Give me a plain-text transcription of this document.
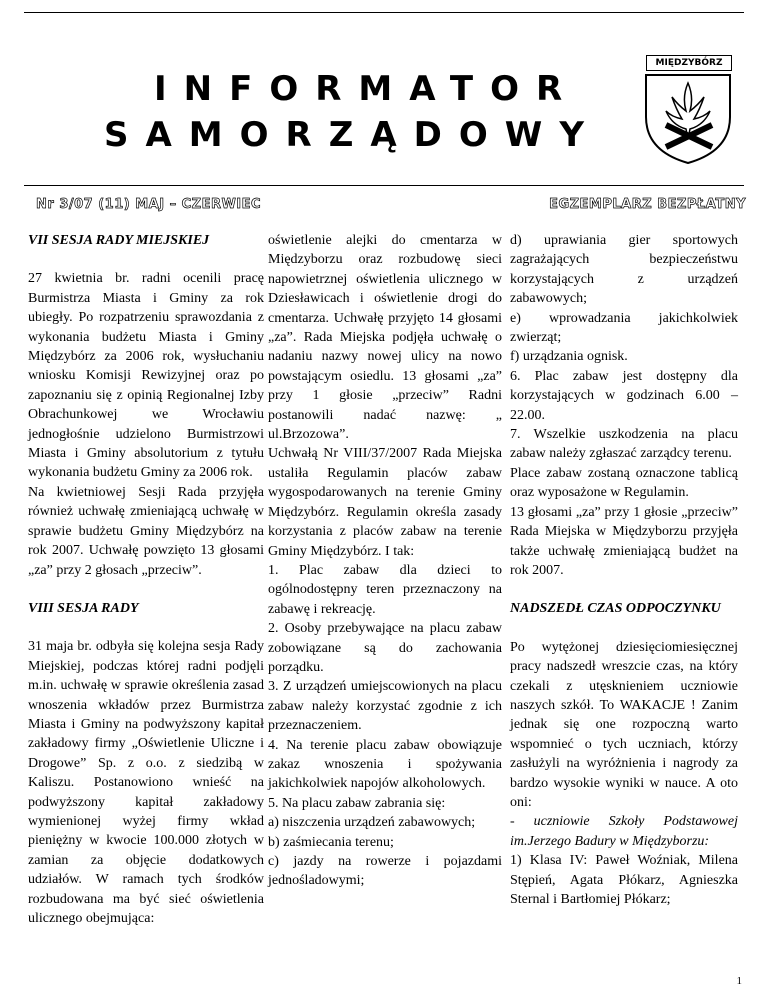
INFORMATOR
SAMORZĄDOWY
MIĘDZYBÓRZ
Nr 3/07 (11) MAJ – CZERWIEC	EGZEMPLARZ BEZPŁATNY

VII SESJA RADY MIEJSKIEJ

27 kwietnia br. radni ocenili pracę Burmistrza Miasta i Gminy za rok ubiegły. Po rozpatrzeniu sprawozdania z wykonania budżetu Miasta i Gminy Międzybórz za 2006 rok, wysłuchaniu wniosku Komisji Rewizyjnej oraz po zapoznaniu się z opinią Regionalnej Izby Obrachunkowej we Wrocławiu jednogłośnie udzielono Burmistrzowi Miasta i Gminy absolutorium z tytułu wykonania budżetu Gminy za 2006 rok.

Na kwietniowej Sesji Rada przyjęła również uchwałę zmieniającą uchwałę w sprawie budżetu Gminy Międzybórz na rok 2007. Uchwałę powzięto 13 głosami „za” przy 2 głosach „przeciw”.

VIII SESJA RADY

31 maja br. odbyła się kolejna sesja Rady Miejskiej, podczas której radni podjęli m.in. uchwałę w sprawie określenia zasad wnoszenia wkładów przez Burmistrza Miasta i Gminy na podwyższony kapitał zakładowy firmy „Oświetlenie Uliczne i Drogowe” Sp. z o.o. z siedzibą w Kaliszu. Postanowiono wnieść na podwyższony kapitał zakładowy wymienionej wyżej firmy wkład pieniężny w kwocie 100.000 złotych w zamian za objęcie dodatkowych udziałów. W ramach tych środków rozbudowana ma być sieć oświetlenia ulicznego obejmująca:

oświetlenie alejki do cmentarza w Międzyborzu oraz rozbudowę sieci napowietrznej oświetlenia ulicznego w Dziesławicach i oświetlenie drogi do cmentarza. Uchwałę przyjęto 14 głosami „za”. Rada Miejska podjęła uchwałę o nadaniu nazwy nowej ulicy na nowo powstającym osiedlu. 13 głosami „za” przy 1 głosie „przeciw” Radni postanowili nadać nazwę: „ ul.Brzozowa”.

Uchwałą Nr VIII/37/2007 Rada Miejska ustaliła Regulamin placów zabaw wygospodarowanych na terenie Gminy Międzybórz. Regulamin określa zasady korzystania z placów zabaw na terenie Gminy Międzybórz. I tak:

1. Plac zabaw dla dzieci to ogólnodostępny teren przeznaczony na zabawę i rekreację.

2. Osoby przebywające na placu zabaw zobowiązane są do zachowania porządku.

3. Z urządzeń umiejscowionych na placu zabaw należy korzystać zgodnie z ich przeznaczeniem.

4. Na terenie placu zabaw obowiązuje zakaz wnoszenia i spożywania jakichkolwiek napojów alkoholowych.

5. Na placu zabaw zabrania się:

a) niszczenia urządzeń zabawowych;

b) zaśmiecania terenu;

c) jazdy na rowerze i pojazdami jednośladowymi;

d) uprawiania gier sportowych zagrażających bezpieczeństwu korzystających z urządzeń zabawowych;

e) wprowadzania jakichkolwiek zwierząt;

f) urządzania ognisk.

6. Plac zabaw jest dostępny dla korzystających w godzinach 6.00 – 22.00.

7. Wszelkie uszkodzenia na placu zabaw należy zgłaszać zarządcy terenu.

Place zabaw zostaną oznaczone tablicą oraz wyposażone w Regulamin.

13 głosami „za” przy 1 głosie „przeciw” Rada Miejska w Międzyborzu przyjęła także uchwałę zmieniającą budżet na rok 2007.

NADSZEDŁ CZAS ODPOCZYNKU

Po wytężonej dziesięciomiesięcznej pracy nadszedł wreszcie czas, na który czekali z utęsknieniem uczniowie naszych szkół. To WAKACJE ! Zanim jednak się one rozpoczną warto wspomnieć o tych uczniach, którzy zasłużyli na wyróżnienia i nagrody za bardzo wysokie wyniki w nauce. A oto oni:

- uczniowie Szkoły Podstawowej im.Jerzego Badury w Międzyborzu:

1) Klasa IV: Paweł Woźniak, Milena Stępień, Agata Płókarz, Agnieszka Sternal i Bartłomiej Płókarz;

1
